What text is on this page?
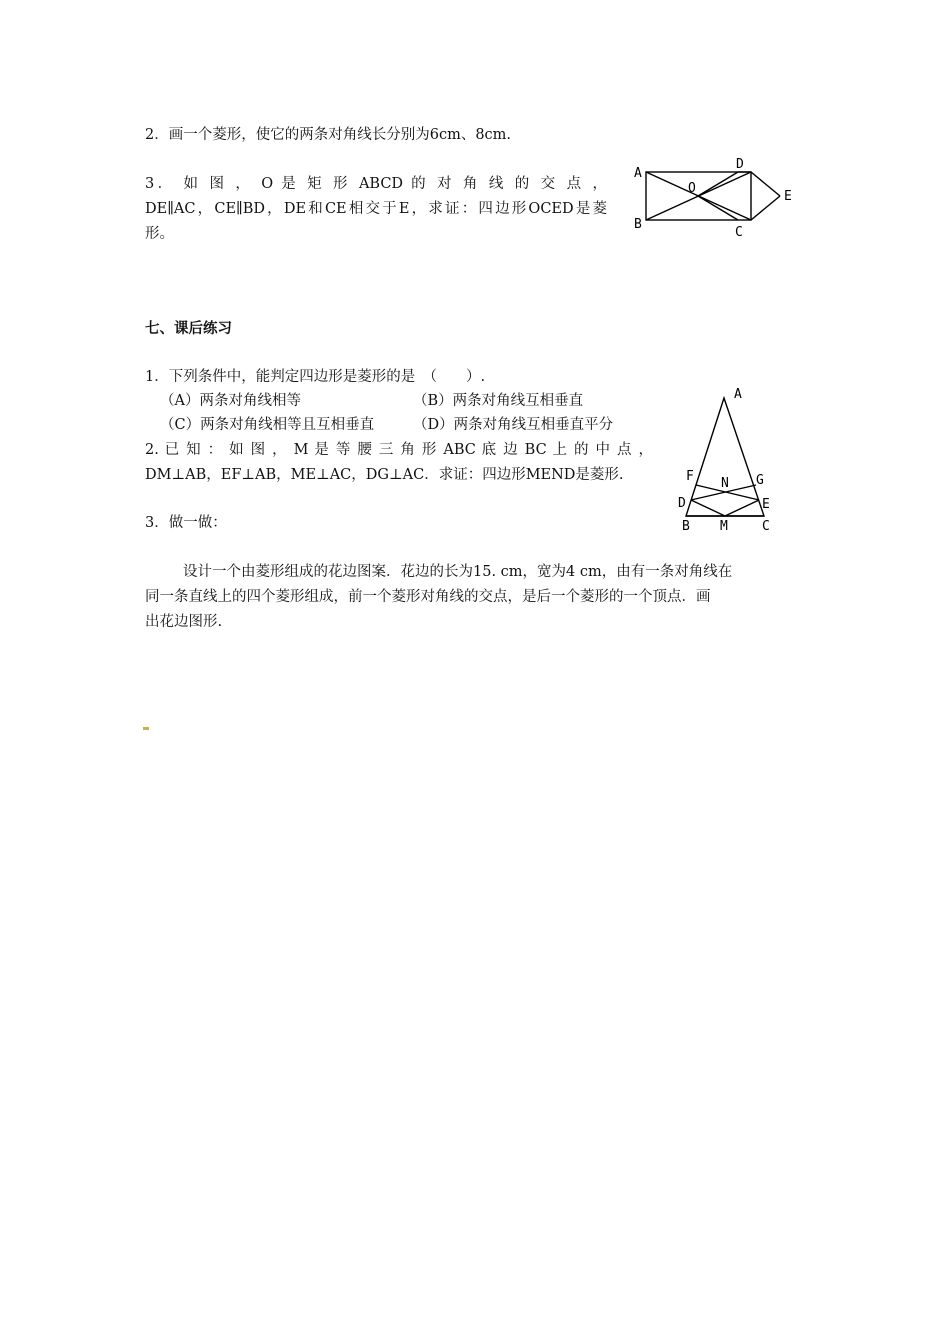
2．画一个菱形，使它的两条对角线长分别为6cm、8cm.
3． 如 图 ， O 是 矩 形 ABCD 的 对 角 线 的 交 点 ，
DE∥AC，CE∥BD，DE和CE相交于E，求证：四边形OCED是菱
形。
A
B
C
D
E
O
七、课后练习
1．下列条件中，能判定四边形是菱形的是　（　　）.
（A）两条对角线相等	（B）两条对角线互相垂直
（C）两条对角线相等且互相垂直	（D）两条对角线互相垂直平分
2. 已 知 ： 如 图 ， M 是 等 腰 三 角 形 ABC 底 边 BC 上 的 中 点 ，
DM⊥AB，EF⊥AB，ME⊥AC，DG⊥AC．求证：四边形MEND是菱形.
A
B	C
D	E
F	G
M
N
3．做一做：
设计一个由菱形组成的花边图案．花边的长为15. cm，宽为4 cm，由有一条对角线在
同一条直线上的四个菱形组成，前一个菱形对角线的交点，是后一个菱形的一个顶点．画
出花边图形.
